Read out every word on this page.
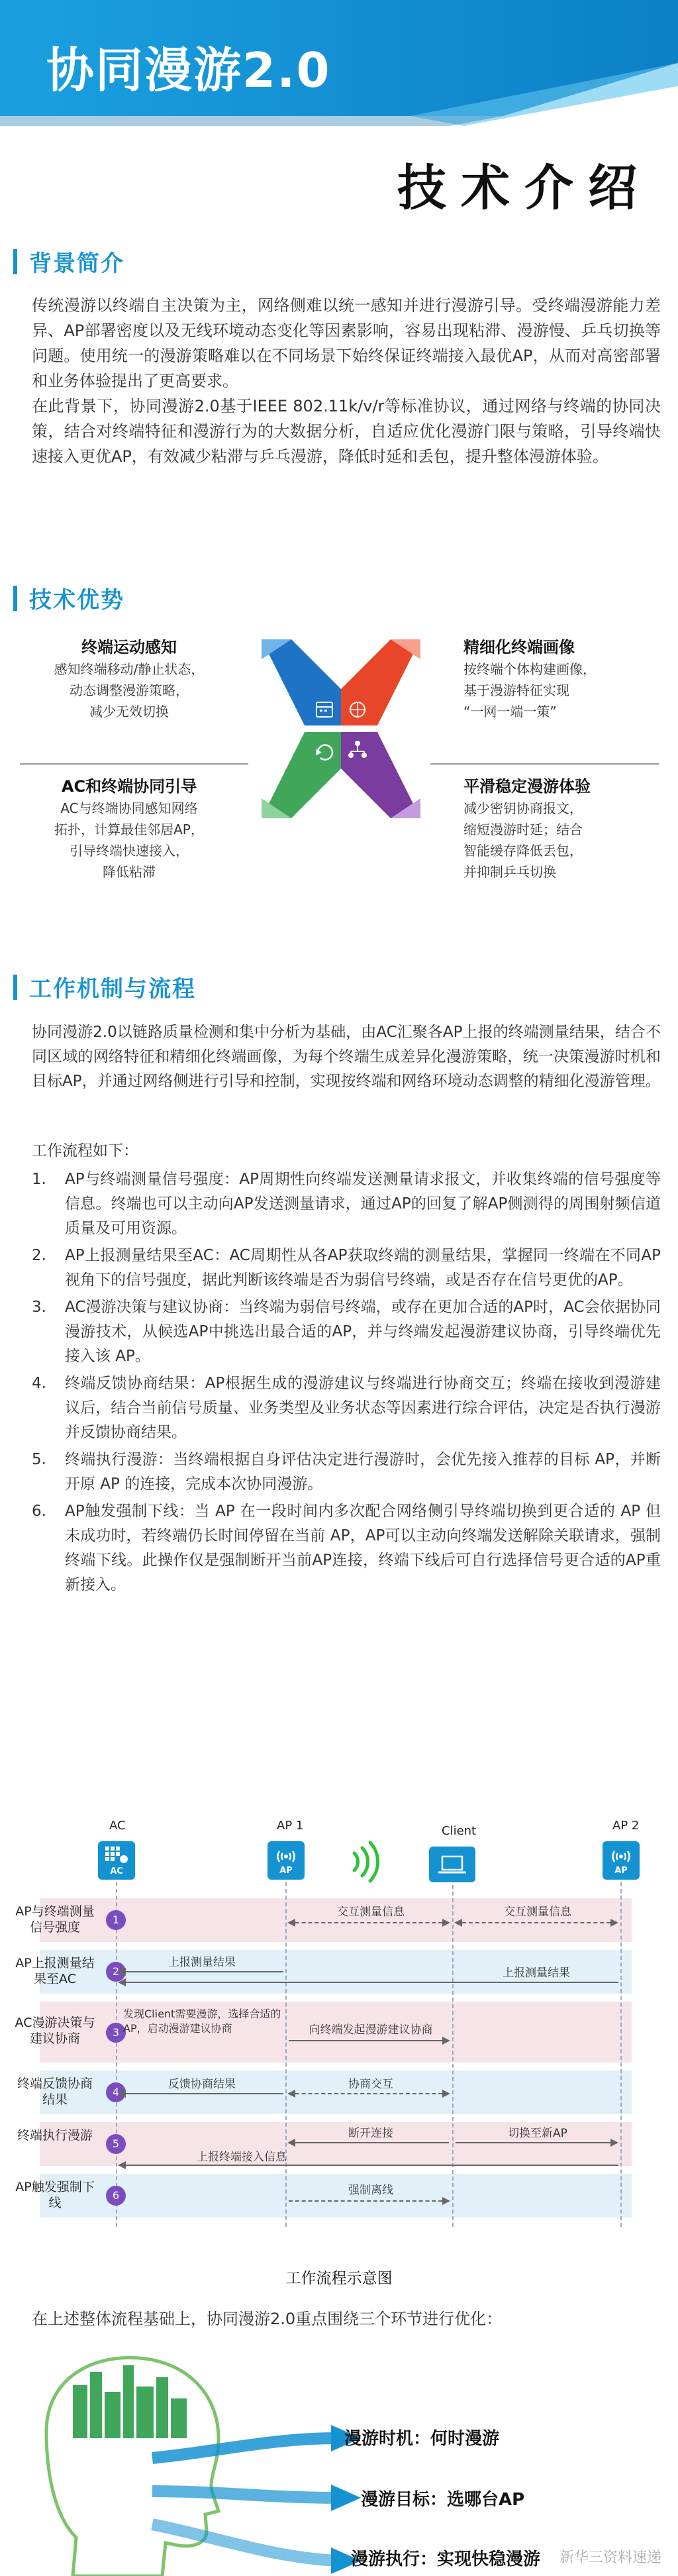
协同漫游2.0
技术介绍
背景简介

传统漫游以终端自主决策为主，网络侧难以统一感知并进行漫游引导。受终端漫游能力差异、AP部署密度以及无线环境动态变化等因素影响，容易出现粘滞、漫游慢、乒乓切换等问题。使用统一的漫游策略难以在不同场景下始终保证终端接入最优AP，从而对高密部署和业务体验提出了更高要求。

在此背景下，协同漫游2.0基于IEEE 802.11k/v/r等标准协议，通过网络与终端的协同决策，结合对终端特征和漫游行为的大数据分析，自适应优化漫游门限与策略，引导终端快速接入更优AP，有效减少粘滞与乒乓漫游，降低时延和丢包，提升整体漫游体验。

技术优势
终端运动感知
感知终端移动/静止状态，
动态调整漫游策略，
减少无效切换
精细化终端画像
按终端个体构建画像，
基于漫游特征实现
“一网一端一策”
AC和终端协同引导
AC与终端协同感知网络
拓扑，计算最佳邻居AP，
引导终端快速接入，
降低粘滞
平滑稳定漫游体验
减少密钥协商报文，
缩短漫游时延；结合
智能缓存降低丢包，
并抑制乒乓切换
工作机制与流程
协同漫游2.0以链路质量检测和集中分析为基础，由AC汇聚各AP上报的终端测量结果，结合不同区域的网络特征和精细化终端画像，为每个终端生成差异化漫游策略，统一决策漫游时机和目标AP，并通过网络侧进行引导和控制，实现按终端和网络环境动态调整的精细化漫游管理。
工作流程如下：
1.	AP与终端测量信号强度：AP周期性向终端发送测量请求报文，并收集终端的信号强度等信息。终端也可以主动向AP发送测量请求，通过AP的回复了解AP侧测得的周围射频信道质量及可用资源。
2.	AP上报测量结果至AC：AC周期性从各AP获取终端的测量结果，掌握同一终端在不同AP视角下的信号强度，据此判断该终端是否为弱信号终端，或是否存在信号更优的AP。
3.	AC漫游决策与建议协商：当终端为弱信号终端，或存在更加合适的AP时，AC会依据协同漫游技术，从候选AP中挑选出最合适的AP，并与终端发起漫游建议协商，引导终端优先接入该 AP。
4.	终端反馈协商结果：AP根据生成的漫游建议与终端进行协商交互；终端在接收到漫游建议后，结合当前信号质量、业务类型及业务状态等因素进行综合评估，决定是否执行漫游并反馈协商结果。
5.	终端执行漫游：当终端根据自身评估决定进行漫游时，会优先接入推荐的目标 AP，并断开原 AP 的连接，完成本次协同漫游。
6.	AP触发强制下线：当 AP 在一段时间内多次配合网络侧引导终端切换到更合适的 AP 但未成功时，若终端仍长时间停留在当前 AP，AP可以主动向终端发送解除关联请求，强制终端下线。此操作仅是强制断开当前AP连接，终端下线后可自行选择信号更合适的AP重新接入。
AC	AP 1	Client	AP 2
AC	AP	AP
AP与终端测量信号强度
1
AP上报测量结果至AC
2
AC漫游决策与建议协商	3
终端反馈协商结果
4
终端执行漫游
5
AP触发强制下线
6
交互测量信息	交互测量信息
上报测量结果
上报测量结果
发现Client需要漫游，选择合适的AP，启动漫游建议协商	向终端发起漫游建议协商
反馈协商结果	协商交互
断开连接	切换至新AP
上报终端接入信息
强制离线
工作流程示意图
在上述整体流程基础上，协同漫游2.0重点围绕三个环节进行优化：
漫游时机：何时漫游
漫游目标：选哪台AP
漫游执行：实现快稳漫游 新华三资料速递
